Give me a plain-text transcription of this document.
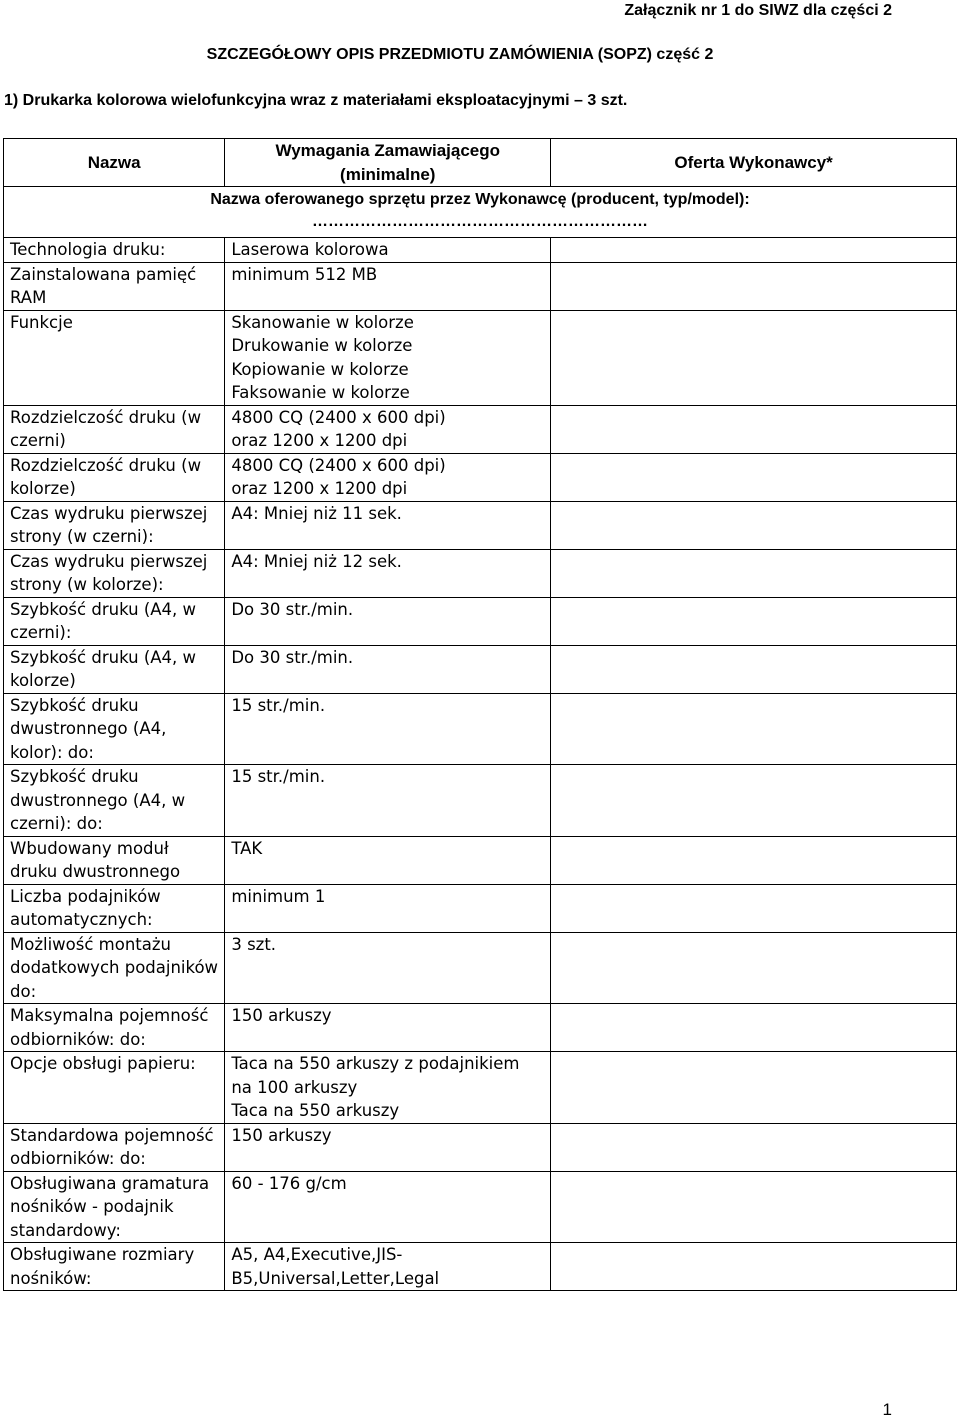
Załącznik nr 1 do SIWZ dla części 2
SZCZEGÓŁOWY OPIS PRZEDMIOTU ZAMÓWIENIA (SOPZ) część 2
1) Drukarka kolorowa wielofunkcyjna wraz z materiałami eksploatacyjnymi – 3 szt.
Nazwa	Wymagania Zamawiającego (minimalne)	Oferta Wykonawcy*

Nazwa oferowanego sprzętu przez Wykonawcę (producent, typ/model):
………………………………………………………		

Technologia druku:	Laserowa kolorowa	

Zainstalowana pamięć RAM	minimum 512 MB	

Funkcje	Skanowanie w kolorze
Drukowanie w kolorze
Kopiowanie w kolorze
Faksowanie w kolorze	

Rozdzielczość druku (w czerni)	4800 CQ (2400 x 600 dpi)
oraz 1200 x 1200 dpi	

Rozdzielczość druku (w kolorze)	4800 CQ (2400 x 600 dpi)
oraz 1200 x 1200 dpi	

Czas wydruku pierwszej strony (w czerni):	A4: Mniej niż 11 sek.	

Czas wydruku pierwszej strony (w kolorze):	A4: Mniej niż 12 sek.	

Szybkość druku (A4, w czerni):	Do 30 str./min.	

Szybkość druku (A4, w kolorze)	Do 30 str./min.	

Szybkość druku dwustronnego (A4, kolor): do:	15 str./min.	

Szybkość druku dwustronnego (A4, w czerni): do:	15 str./min.	

Wbudowany moduł druku dwustronnego	TAK	

Liczba podajników automatycznych:	minimum 1	

Możliwość montażu dodatkowych podajników do:	3 szt.	

Maksymalna pojemność odbiorników: do:	150 arkuszy	

Opcje obsługi papieru:	Taca na 550 arkuszy z podajnikiem na 100 arkuszy
Taca na 550 arkuszy	

Standardowa pojemność odbiorników: do:	150 arkuszy	

Obsługiwana gramatura nośników - podajnik standardowy:	60 - 176 g/cm	

Obsługiwane rozmiary nośników:	A5, A4,Executive,JIS-B5,Universal,Letter,Legal	

1
